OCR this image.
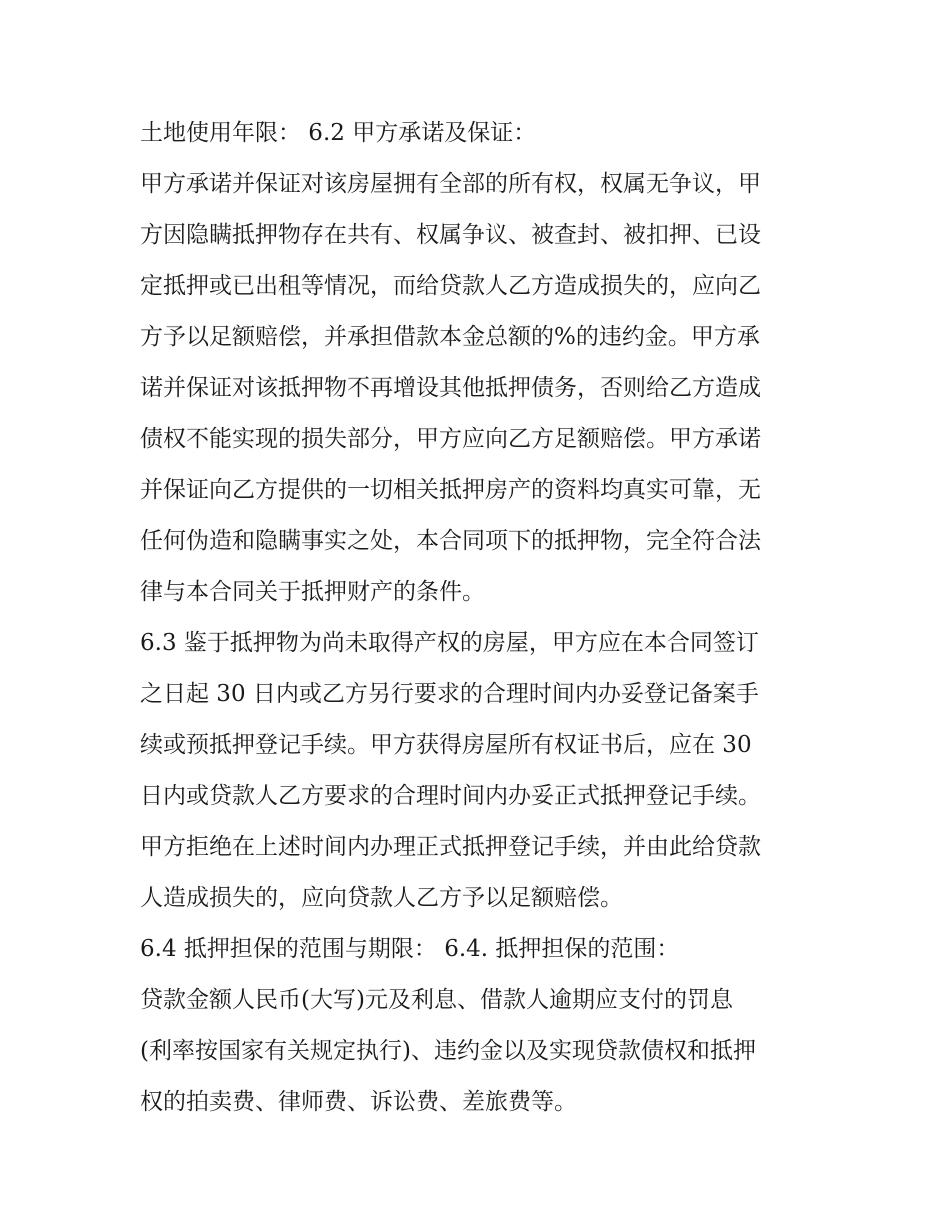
土地使用年限： 6.2 甲方承诺及保证：
甲方承诺并保证对该房屋拥有全部的所有权，权属无争议，甲
方因隐瞒抵押物存在共有、权属争议、被查封、被扣押、已设
定抵押或已出租等情况，而给贷款人乙方造成损失的，应向乙
方予以足额赔偿，并承担借款本金总额的%的违约金。甲方承
诺并保证对该抵押物不再增设其他抵押债务，否则给乙方造成
债权不能实现的损失部分，甲方应向乙方足额赔偿。甲方承诺
并保证向乙方提供的一切相关抵押房产的资料均真实可靠，无
任何伪造和隐瞒事实之处，本合同项下的抵押物，完全符合法
律与本合同关于抵押财产的条件。
6.3 鉴于抵押物为尚未取得产权的房屋，甲方应在本合同签订
之日起 30 日内或乙方另行要求的合理时间内办妥登记备案手
续或预抵押登记手续。甲方获得房屋所有权证书后，应在 30
日内或贷款人乙方要求的合理时间内办妥正式抵押登记手续。
甲方拒绝在上述时间内办理正式抵押登记手续，并由此给贷款
人造成损失的，应向贷款人乙方予以足额赔偿。
6.4 抵押担保的范围与期限： 6.4. 抵押担保的范围：
贷款金额人民币(大写)元及利息、借款人逾期应支付的罚息
(利率按国家有关规定执行)、违约金以及实现贷款债权和抵押
权的拍卖费、律师费、诉讼费、差旅费等。
